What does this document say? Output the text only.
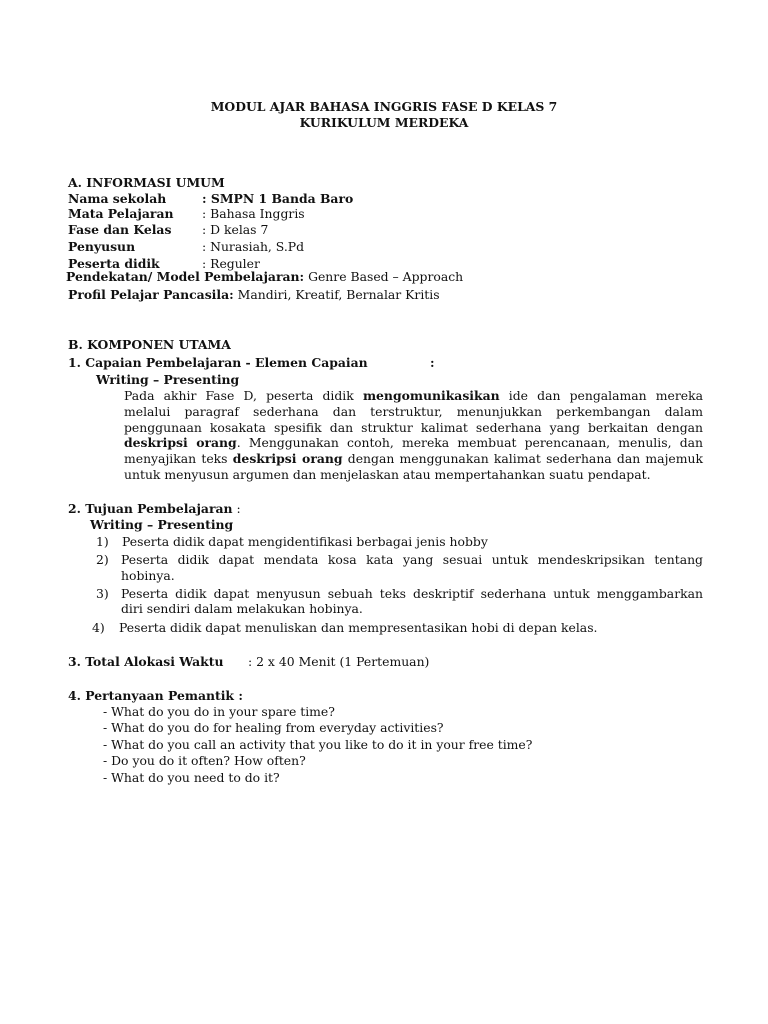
MODUL AJAR BAHASA INGGRIS FASE D KELAS 7
KURIKULUM MERDEKA
A. INFORMASI UMUM
Nama sekolah	: SMPN 1 Banda Baro
Mata Pelajaran : Bahasa Inggris
Fase dan Kelas : D kelas 7
Penyusun	: Nurasiah, S.Pd
Peserta didik	: Reguler
Pendekatan/ Model Pembelajaran: Genre Based – Approach
Profil Pelajar Pancasila: Mandiri, Kreatif, Bernalar Kritis
B. KOMPONEN UTAMA
1. Capaian Pembelajaran - Elemen Capaian	:
Writing – Presenting
Pada akhir Fase D, peserta didik mengomunikasikan ide dan pengalaman mereka
melalui paragraf sederhana dan terstruktur, menunjukkan perkembangan dalam
penggunaan kosakata spesifik dan struktur kalimat sederhana yang berkaitan dengan
deskripsi orang. Menggunakan contoh, mereka membuat perencanaan, menulis, dan
menyajikan teks deskripsi orang dengan menggunakan kalimat sederhana dan majemuk
untuk menyusun argumen dan menjelaskan atau mempertahankan suatu pendapat.
2. Tujuan Pembelajaran :
Writing – Presenting
1) Peserta didik dapat mengidentifikasi berbagai jenis hobby
2) Peserta didik dapat mendata kosa kata yang sesuai untuk mendeskripsikan tentang
hobinya.
3) Peserta didik dapat menyusun sebuah teks deskriptif sederhana untuk menggambarkan
diri sendiri dalam melakukan hobinya.
4) Peserta didik dapat menuliskan dan mempresentasikan hobi di depan kelas.
3. Total Alokasi Waktu : 2 x 40 Menit (1 Pertemuan)
4. Pertanyaan Pemantik :
- What do you do in your spare time?
- What do you do for healing from everyday activities?
- What do you call an activity that you like to do it in your free time?
- Do you do it often? How often?
- What do you need to do it?
